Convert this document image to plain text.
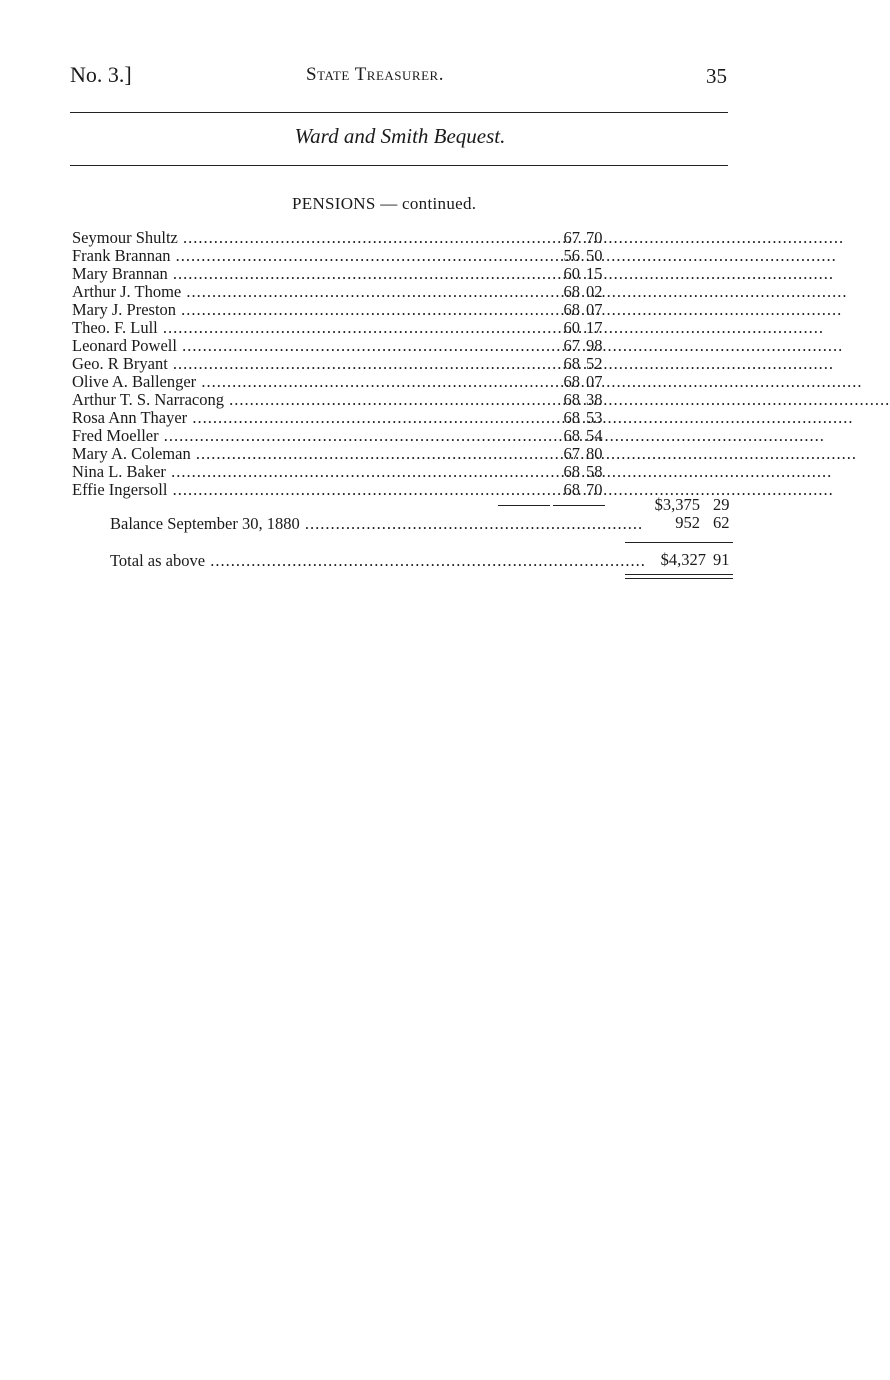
No. 3.]	State Treasurer.	35
Ward and Smith Bequest.
PENSIONS — continued.
Seymour Shultz .....	67 70
Frank Brannan .....	56 50
Mary Brannan .....	60 15
Arthur J. Thome .....	68 02
Mary J. Preston .....	68 07
Theo. F. Lull .....	60 17
Leonard Powell .....	67 98
Geo. R Bryant .....	68 52
Olive A. Ballenger .....	68 07
Arthur T. S. Narracong .....	68 38
Rosa Ann Thayer .....	68 53
Fred Moeller .....	68 54
Mary A. Coleman .....	67 80
Nina L. Baker .....	68 58
Effie Ingersoll .....	68 70
$3,375 29
Balance September 30, 1880 ..................................................................	952 62
Total as above ..................................................................................... $4,327 91
